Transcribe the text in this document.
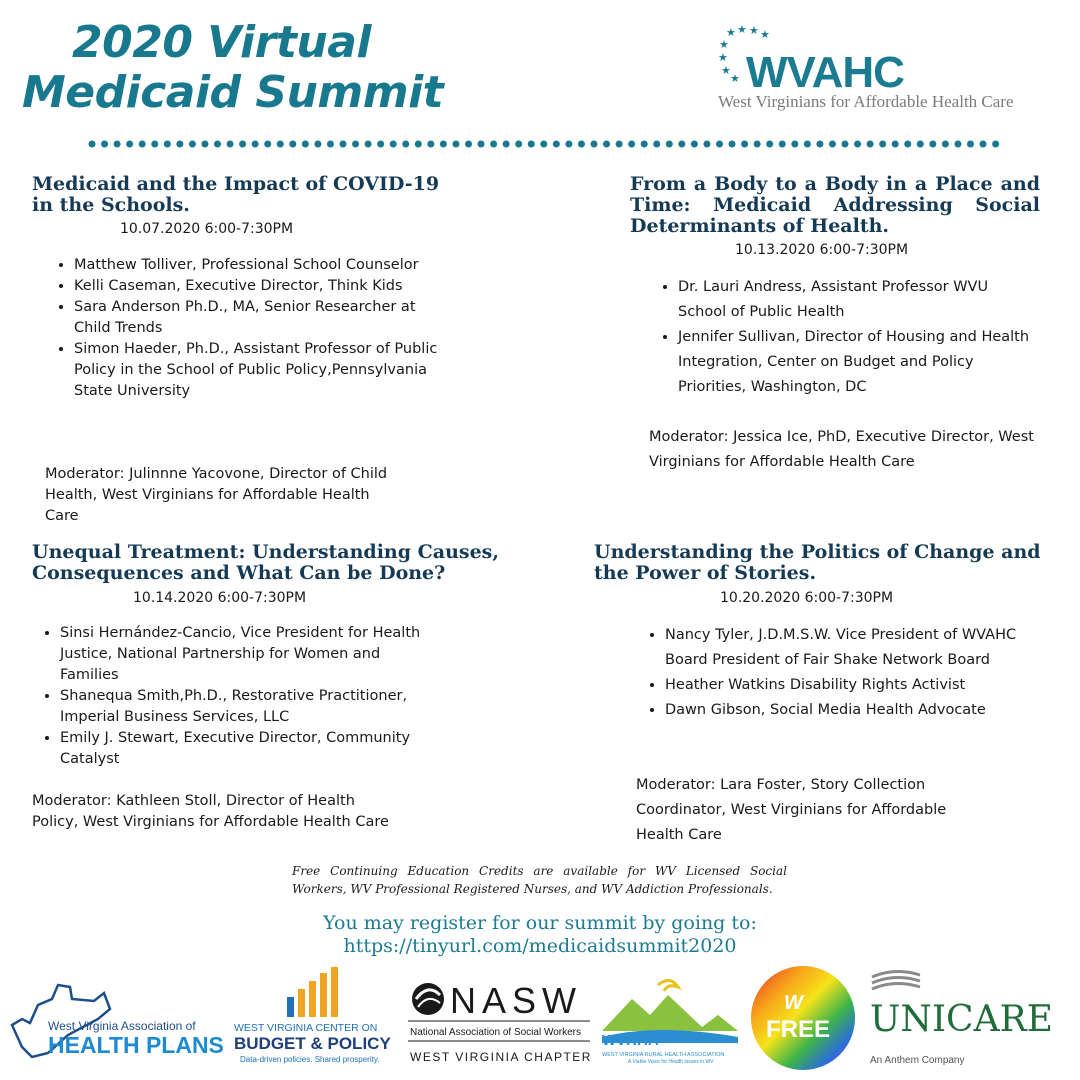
2020 Virtual
Medicaid Summit
★ ★ ★ ★
★
★
★
★ WVAHC
West Virginians for Affordable Health Care
Medicaid and the Impact of COVID-19 in the Schools.
10.07.2020 6:00-7:30PM
• Matthew Tolliver, Professional School Counselor
• Kelli Caseman, Executive Director, Think Kids
• Sara Anderson Ph.D., MA, Senior Researcher at Child Trends
• Simon Haeder, Ph.D., Assistant Professor of Public Policy in the School of Public Policy,Pennsylvania State University
Moderator: Julinnne Yacovone, Director of Child Health, West Virginians for Affordable Health Care
From a Body to a Body in a Place and Time: Medicaid Addressing Social Determinants of Health.
10.13.2020 6:00-7:30PM
• Dr. Lauri Andress, Assistant Professor WVU School of Public Health
• Jennifer Sullivan, Director of Housing and Health Integration, Center on Budget and Policy Priorities, Washington, DC
Moderator: Jessica Ice, PhD, Executive Director, West Virginians for Affordable Health Care
Unequal Treatment: Understanding Causes, Consequences and What Can be Done?
10.14.2020 6:00-7:30PM
• Sinsi Hernández-Cancio, Vice President for Health Justice, National Partnership for Women and Families
• Shanequa Smith,Ph.D., Restorative Practitioner, Imperial Business Services, LLC
• Emily J. Stewart, Executive Director, Community Catalyst
Moderator: Kathleen Stoll, Director of Health Policy, West Virginians for Affordable Health Care
Understanding the Politics of Change and the Power of Stories.
10.20.2020 6:00-7:30PM
• Nancy Tyler, J.D.M.S.W. Vice President of WVAHC Board President of Fair Shake Network Board
• Heather Watkins Disability Rights Activist
• Dawn Gibson, Social Media Health Advocate
Moderator: Lara Foster, Story Collection Coordinator, West Virginians for Affordable Health Care
Free Continuing Education Credits are available for WV Licensed Social Workers, WV Professional Registered Nurses, and WV Addiction Professionals.
You may register for our summit by going to:
https://tinyurl.com/medicaidsummit2020
West Virginia Association of
HEALTH PLANS
WEST VIRGINIA CENTER ON
BUDGET & POLICY
Data-driven policies. Shared prosperity.
NASW
National Association of Social Workers
WEST VIRGINIA CHAPTER
WVRHA
WEST VIRGINIA RURAL HEALTH ASSOCIATION
A Viable Voice for Health Issues in WV
W
FREE UNICARE
An Anthem Company
